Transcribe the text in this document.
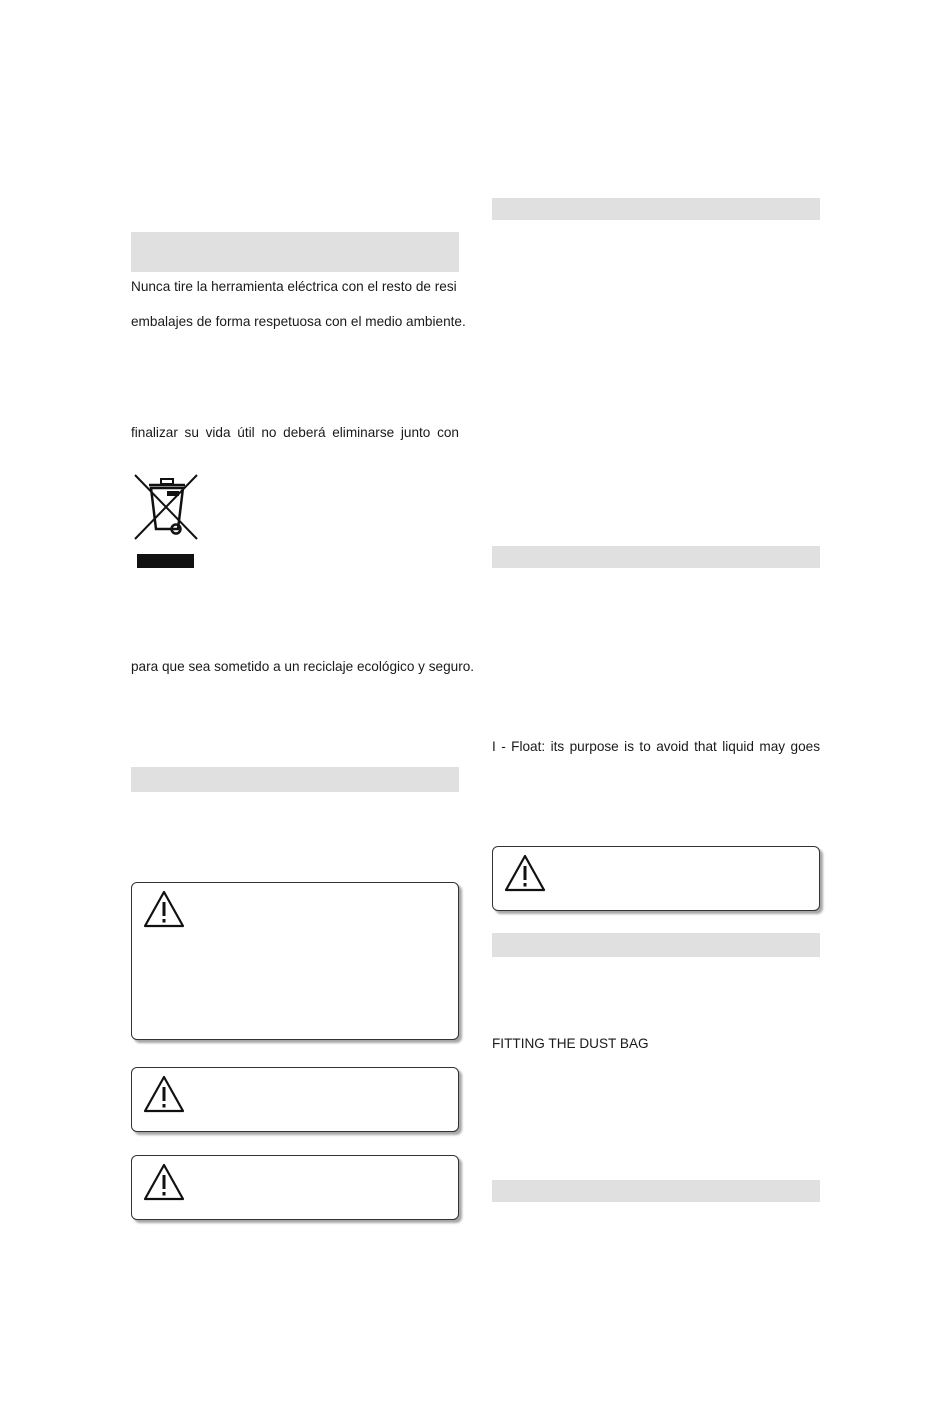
Nunca tire la herramienta eléctrica con el resto de resi
embalajes de forma respetuosa con el medio ambiente.
finalizar su vida útil no deberá eliminarse junto con
para que sea sometido a un reciclaje ecológico y seguro.
I - Float: its purpose is to avoid that liquid may goes
FITTING THE DUST BAG
